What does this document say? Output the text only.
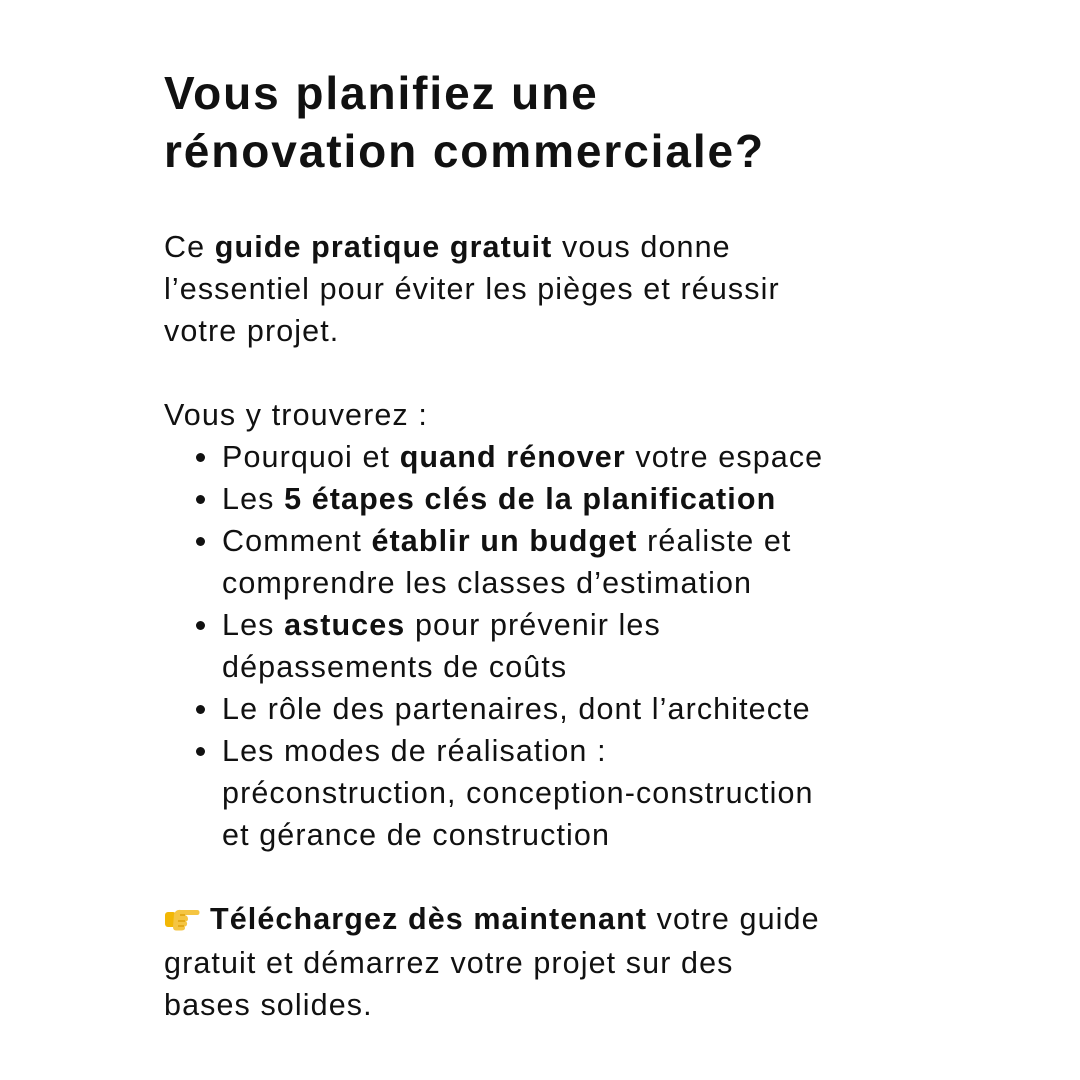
Vous planifiez une
rénovation commerciale?
Ce guide pratique gratuit vous donne
l’essentiel pour éviter les pièges et réussir
votre projet.
Vous y trouverez :
Pourquoi et quand rénover votre espace
Les 5 étapes clés de la planification
Comment établir un budget réaliste et
comprendre les classes d’estimation
Les astuces pour prévenir les
dépassements de coûts
Le rôle des partenaires, dont l’architecte
Les modes de réalisation :
préconstruction, conception-construction
et gérance de construction
Téléchargez dès maintenant votre guide
gratuit et démarrez votre projet sur des
bases solides.
